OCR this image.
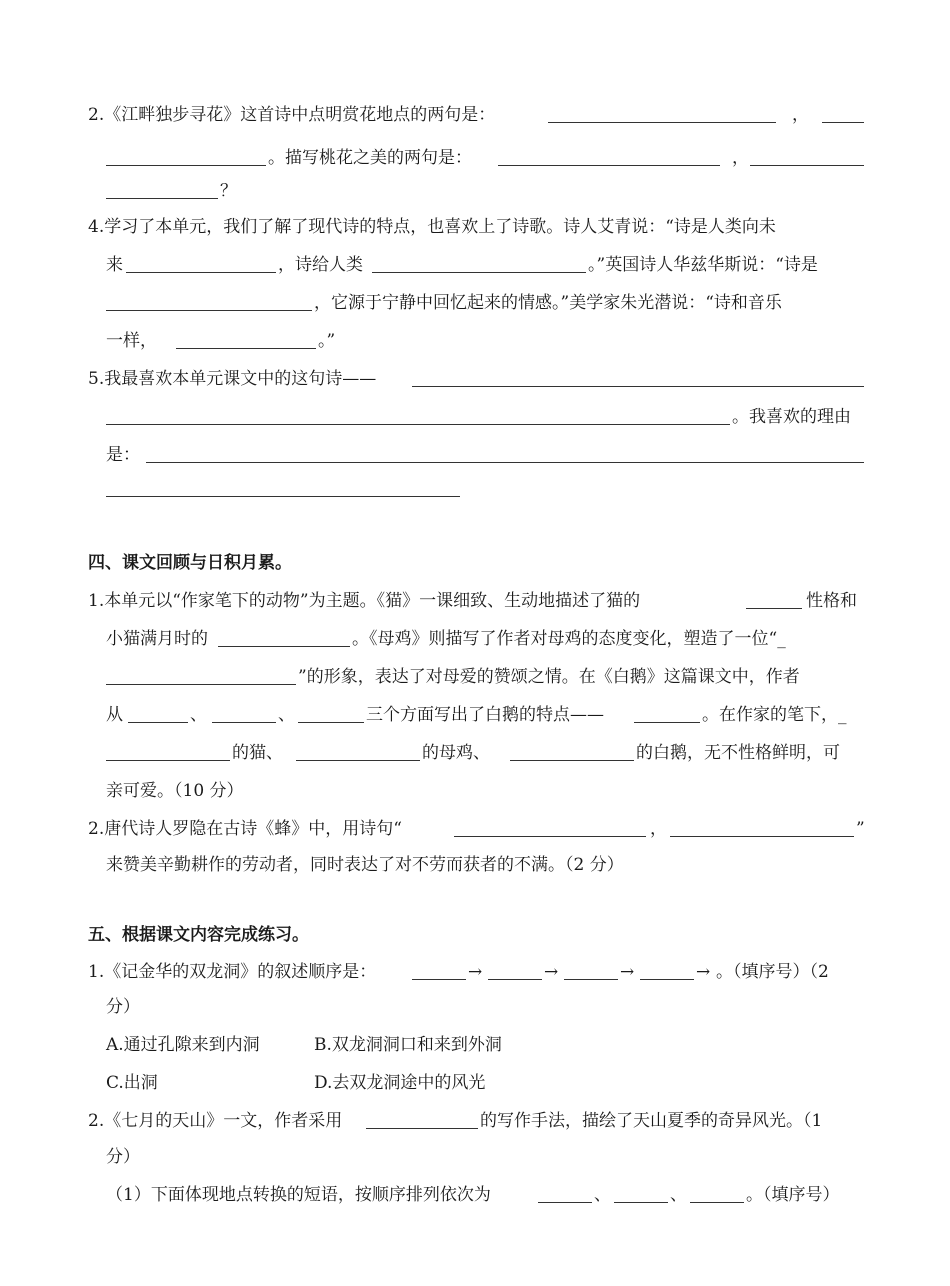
2.《江畔独步寻花》这首诗中点明赏花地点的两句是：	，
。描写桃花之美的两句是：	，
？
4.学习了本单元，我们了解了现代诗的特点，也喜欢上了诗歌。诗人艾青说：“诗是人类向未
来	，诗给人类	。”英国诗人华兹华斯说：“诗是
，它源于宁静中回忆起来的情感。”美学家朱光潜说：“诗和音乐
一样，	。”
5.我最喜欢本单元课文中的这句诗——
。我喜欢的理由
是：
四、课文回顾与日积月累。
1.本单元以“作家笔下的动物”为主题。《猫》一课细致、生动地描述了猫的	性格和
小猫满月时的	。《母鸡》则描写了作者对母鸡的态度变化，塑造了一位“_
”的形象，表达了对母爱的赞颂之情。在《白鹅》这篇课文中，作者
从	、	、	三个方面写出了白鹅的特点——	。在作家的笔下，_
的猫、	的母鸡、	的白鹅，无不性格鲜明，可
亲可爱。（10 分）
2.唐代诗人罗隐在古诗《蜂》中，用诗句“	，	”
来赞美辛勤耕作的劳动者，同时表达了对不劳而获者的不满。（2 分）
五、根据课文内容完成练习。
1.《记金华的双龙洞》的叙述顺序是：	→	→	→	→ 。（填序号）（2
分）
A.通过孔隙来到内洞	B.双龙洞洞口和来到外洞
C.出洞	D.去双龙洞途中的风光
2.《七月的天山》一文，作者采用	的写作手法，描绘了天山夏季的奇异风光。（1
分）
（1）下面体现地点转换的短语，按顺序排列依次为	、	、	。（填序号）
